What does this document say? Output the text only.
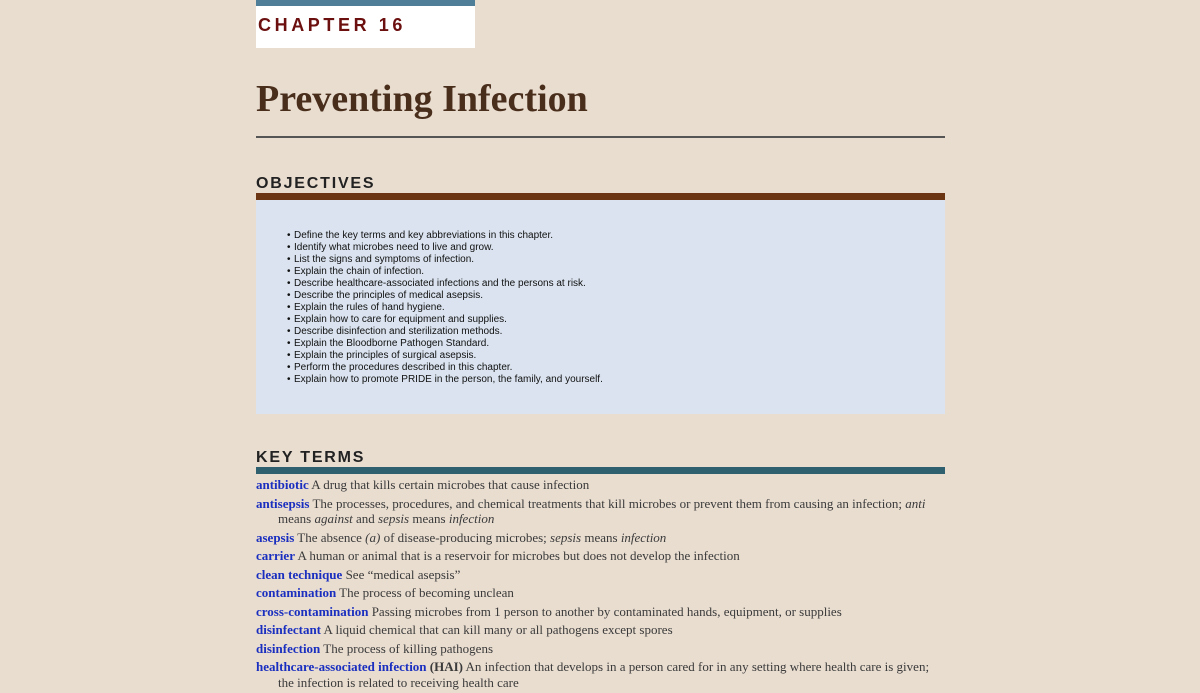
CHAPTER 16
Preventing Infection
OBJECTIVES
• Define the key terms and key abbreviations in this chapter.
• Identify what microbes need to live and grow.
• List the signs and symptoms of infection.
• Explain the chain of infection.
• Describe healthcare-associated infections and the persons at risk.
• Describe the principles of medical asepsis.
• Explain the rules of hand hygiene.
• Explain how to care for equipment and supplies.
• Describe disinfection and sterilization methods.
• Explain the Bloodborne Pathogen Standard.
• Explain the principles of surgical asepsis.
• Perform the procedures described in this chapter.
• Explain how to promote PRIDE in the person, the family, and yourself.
KEY TERMS

antibiotic A drug that kills certain microbes that cause infection

antisepsis The processes, procedures, and chemical treatments that kill microbes or prevent them from causing an infection; anti means against and sepsis means infection

asepsis The absence (a) of disease-producing microbes; sepsis means infection

carrier A human or animal that is a reservoir for microbes but does not develop the infection

clean technique See “medical asepsis”

contamination The process of becoming unclean

cross-contamination Passing microbes from 1 person to another by contaminated hands, equipment, or supplies

disinfectant A liquid chemical that can kill many or all pathogens except spores

disinfection The process of killing pathogens

healthcare-associated infection (HAI) An infection that develops in a person cared for in any setting where health care is given; the infection is related to receiving health care
